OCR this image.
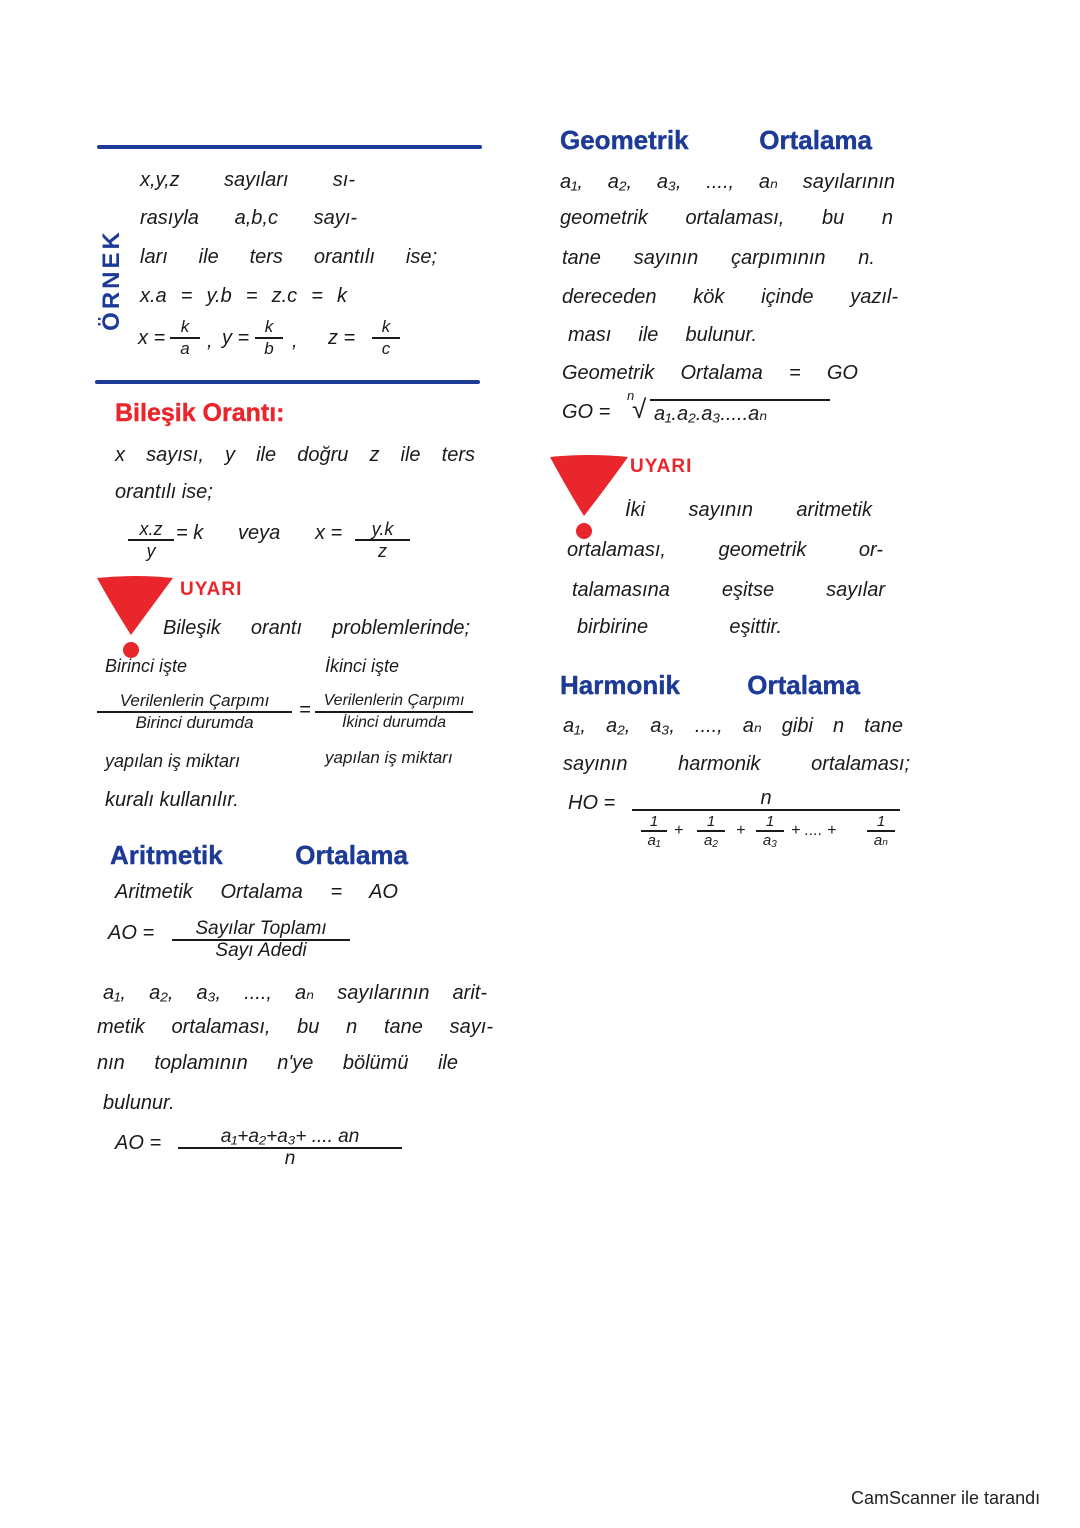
ÖRNEK
x,y,z sayıları sı-
rasıyla a,b,c sayı-
ları ile ters orantılı ise;
x.a = y.b = z.c = k
x =
k
a , y =
k
b , z =
k
c
Bileşik Orantı:
x sayısı, y ile doğru z ile ters
orantılı ise;
x.z
y
= k veya x = y.k
z
UYARI
Bileşik orantı problemlerinde;
Birinci işte	İkinci işte
Verilenlerin Çarpımı
Birinci durumda
= Verilenlerin Çarpımı
İkinci durumda
yapılan iş miktarı	yapılan iş miktarı
kuralı kullanılır.
Aritmetik Ortalama
Aritmetik Ortalama = AO
AO = Sayılar Toplamı
Sayı Adedi
a₁, a₂, a₃, ...., aₙ sayılarının arit-
metik ortalaması, bu n tane sayı-
nın toplamının n'ye bölümü ile
bulunur.
AO =	a₁+a₂+a₃+ .... an
n
Geometrik Ortalama
a₁, a₂, a₃, ...., aₙ sayılarının
geometrik ortalaması, bu n
tane sayının çarpımının n.
dereceden kök içinde yazıl-
ması ile bulunur.
Geometrik Ortalama = GO
GO =
n
√ a₁.a₂.a₃.....aₙ
UYARI
İki sayının aritmetik
ortalaması, geometrik or-
talamasına eşitse sayılar
birbirine eşittir.
Harmonik Ortalama
a₁, a₂, a₃, ...., aₙ gibi n tane
sayının harmonik ortalaması;
HO =	n
1
a₁
+
1
a₂
+
1
a₃
+ .... +
1
aₙ
CamScanner ile tarandı
